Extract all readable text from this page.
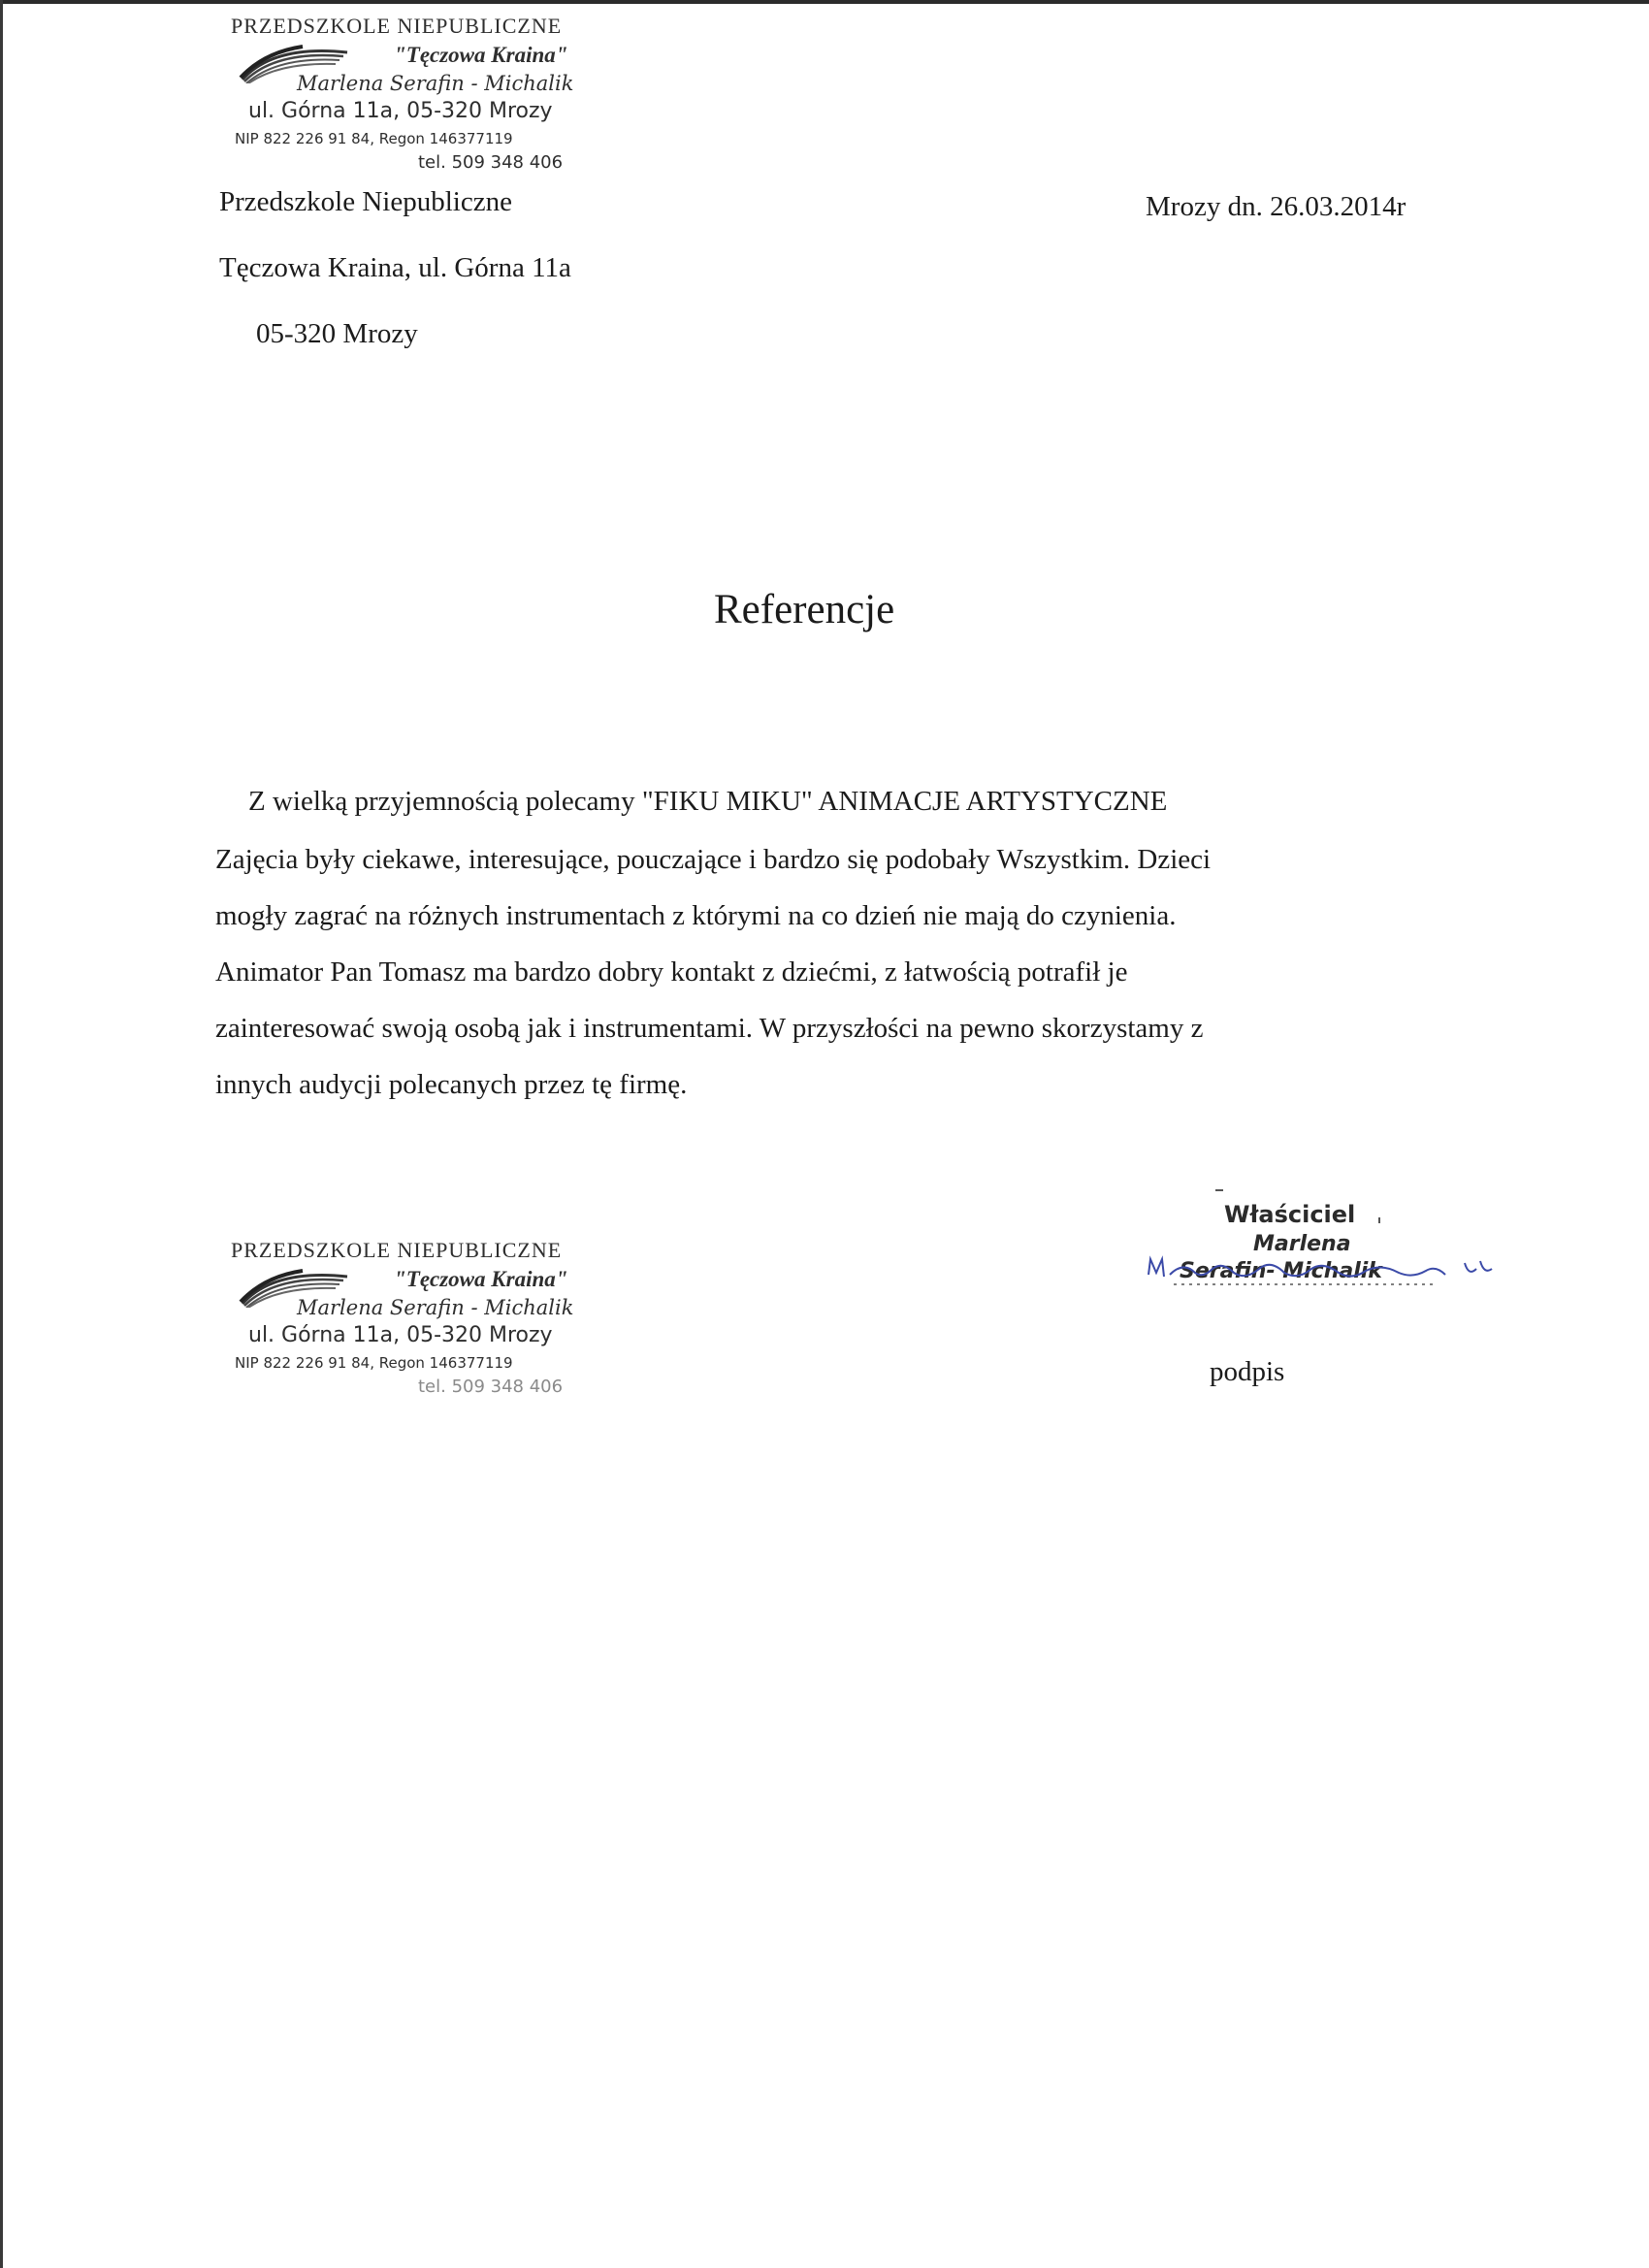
PRZEDSZKOLE NIEPUBLICZNE
"Tęczowa Kraina"
Marlena Serafin - Michalik
ul. Górna 11a, 05-320 Mrozy
NIP 822 226 91 84, Regon 146377119
tel. 509 348 406
Przedszkole Niepubliczne
Tęczowa Kraina, ul. Górna 11a
05-320 Mrozy
Mrozy dn. 26.03.2014r
Referencje
Z wielką przyjemnością polecamy "FIKU MIKU" ANIMACJE ARTYSTYCZNE
Zajęcia były ciekawe, interesujące, pouczające i bardzo się podobały Wszystkim. Dzieci
mogły zagrać na różnych instrumentach z którymi na co dzień nie mają do czynienia.
Animator Pan Tomasz ma bardzo dobry kontakt z dziećmi, z łatwością potrafił je
zainteresować swoją osobą jak i instrumentami. W przyszłości na pewno skorzystamy z
innych audycji polecanych przez tę firmę.
PRZEDSZKOLE NIEPUBLICZNE
"Tęczowa Kraina"
Marlena Serafin - Michalik
ul. Górna 11a, 05-320 Mrozy
NIP 822 226 91 84, Regon 146377119
tel. 509 348 406
Właściciel
Marlena
Serafin- Michalik
podpis
